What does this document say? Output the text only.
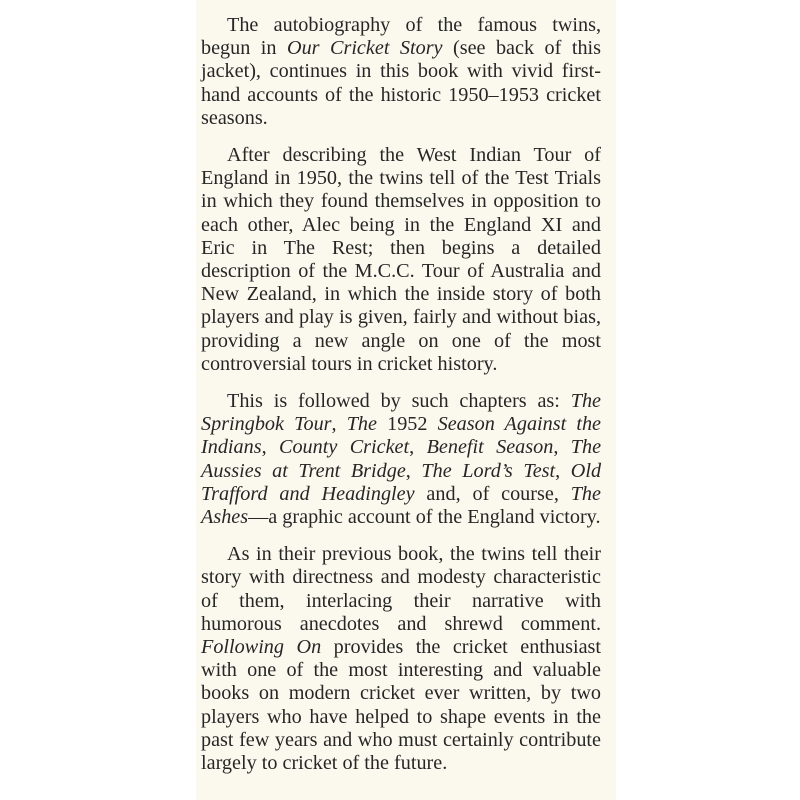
The autobiography of the famous twins, begun in Our Cricket Story (see back of this jacket), continues in this book with vivid first-hand accounts of the historic 1950–1953 cricket seasons.

After describing the West Indian Tour of England in 1950, the twins tell of the Test Trials in which they found themselves in opposition to each other, Alec being in the England XI and Eric in The Rest; then begins a detailed description of the M.C.C. Tour of Australia and New Zealand, in which the inside story of both players and play is given, fairly and without bias, providing a new angle on one of the most controversial tours in cricket history.

This is followed by such chapters as: The Springbok Tour, The 1952 Season Against the Indians, County Cricket, Benefit Season, The Aussies at Trent Bridge, The Lord’s Test, Old Trafford and Headingley and, of course, The Ashes—a graphic account of the England victory.

As in their previous book, the twins tell their story with directness and modesty characteristic of them, interlacing their narrative with humorous anecdotes and shrewd comment. Following On provides the cricket enthusiast with one of the most interesting and valuable books on modern cricket ever written, by two players who have helped to shape events in the past few years and who must certainly contribute largely to cricket of the future.
